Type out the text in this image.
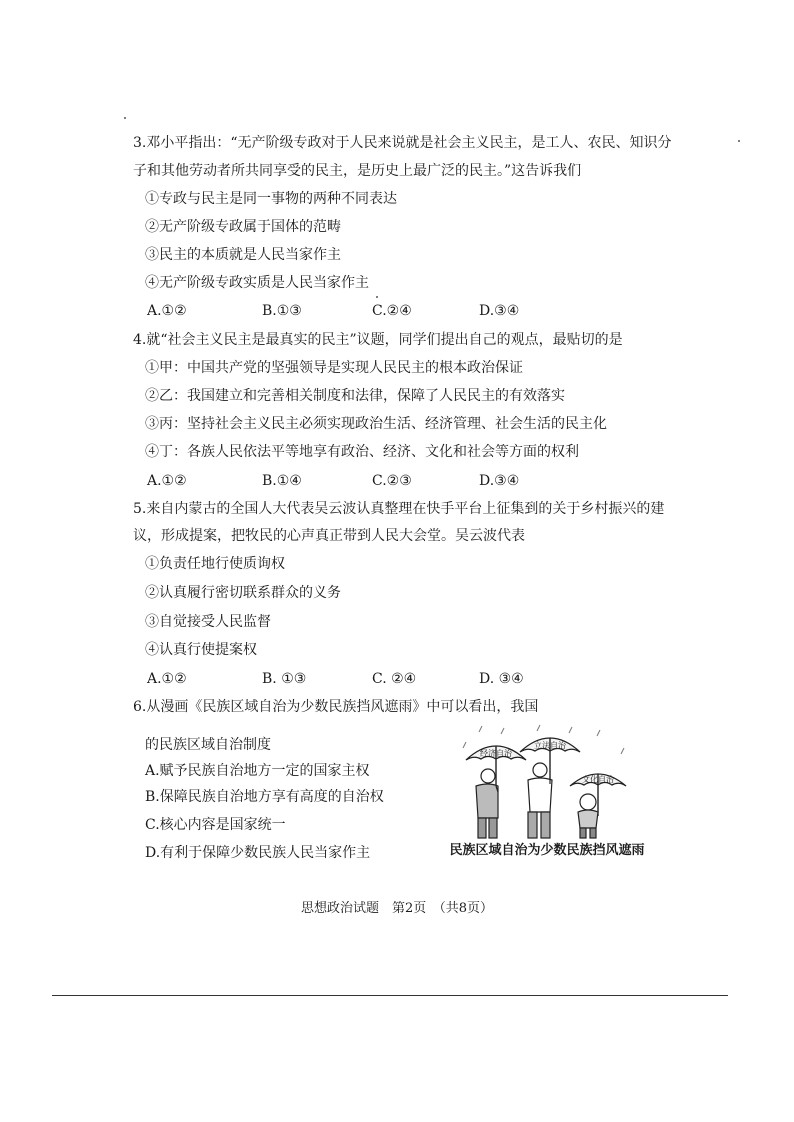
3.邓小平指出：“无产阶级专政对于人民来说就是社会主义民主，是工人、农民、知识分
子和其他劳动者所共同享受的民主，是历史上最广泛的民主。”这告诉我们
①专政与民主是同一事物的两种不同表达
②无产阶级专政属于国体的范畴
③民主的本质就是人民当家作主
④无产阶级专政实质是人民当家作主
A.①②	B.①③	C.②④	D.③④
4.就“社会主义民主是最真实的民主”议题，同学们提出自己的观点，最贴切的是
①甲：中国共产党的坚强领导是实现人民民主的根本政治保证
②乙：我国建立和完善相关制度和法律，保障了人民民主的有效落实
③丙：坚持社会主义民主必须实现政治生活、经济管理、社会生活的民主化
④丁：各族人民依法平等地享有政治、经济、文化和社会等方面的权利
A.①②	B.①④	C.②③	D.③④
5.来自内蒙古的全国人大代表吴云波认真整理在快手平台上征集到的关于乡村振兴的建
议，形成提案，把牧民的心声真正带到人民大会堂。吴云波代表
①负责任地行使质询权
②认真履行密切联系群众的义务
③自觉接受人民监督
④认真行使提案权
A.①②	B. ①③	C. ②④	D. ③④
6.从漫画《民族区域自治为少数民族挡风遮雨》中可以看出，我国
的民族区域自治制度
A.赋予民族自治地方一定的国家主权
B.保障民族自治地方享有高度的自治权
C.核心内容是国家统一
D.有利于保障少数民族人民当家作主
经济自治
立法自治
文化自治
民族区域自治为少数民族挡风遮雨
思想政治试题　第2页　（共8页）
